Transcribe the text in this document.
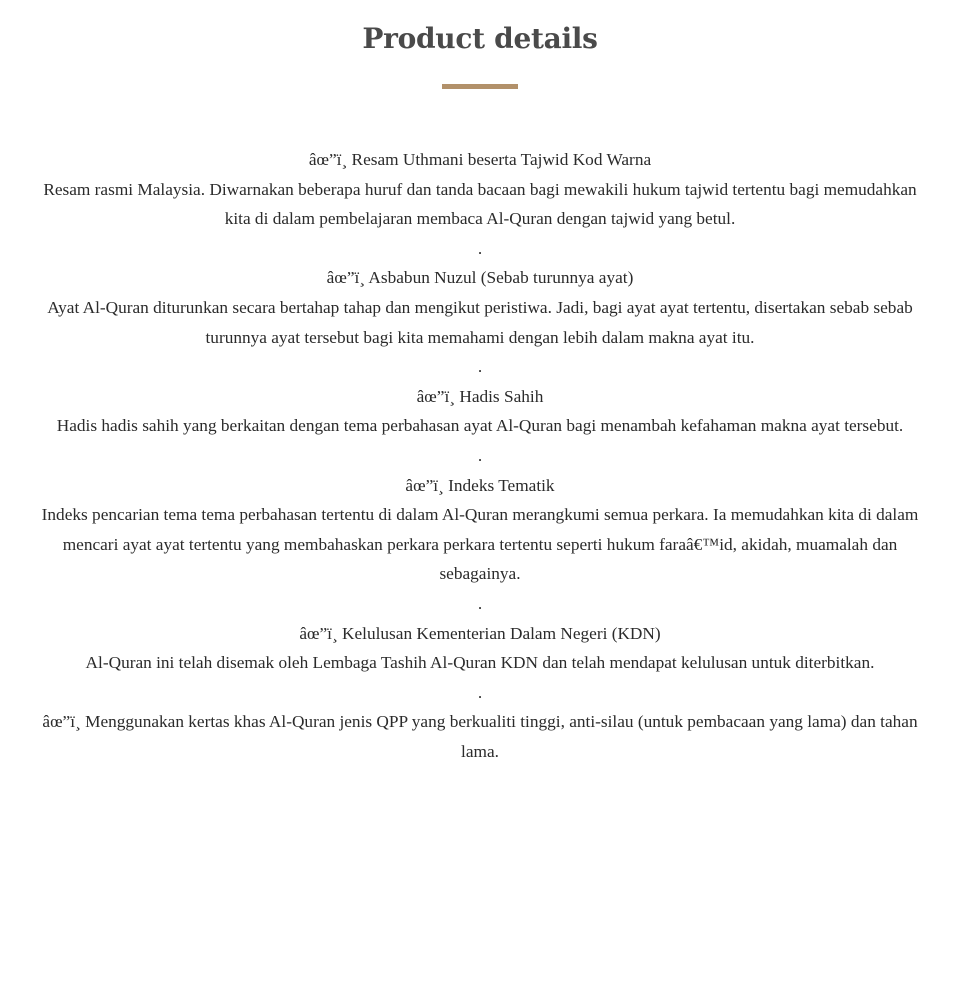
Product details

âœ”ï¸ Resam Uthmani beserta Tajwid Kod Warna

Resam rasmi Malaysia. Diwarnakan beberapa huruf dan tanda bacaan bagi mewakili hukum tajwid tertentu bagi memudahkan kita di dalam pembelajaran membaca Al-Quran dengan tajwid yang betul.

.

âœ”ï¸ Asbabun Nuzul (Sebab turunnya ayat)

Ayat Al-Quran diturunkan secara bertahap tahap dan mengikut peristiwa. Jadi, bagi ayat ayat tertentu, disertakan sebab sebab turunnya ayat tersebut bagi kita memahami dengan lebih dalam makna ayat itu.

.

âœ”ï¸ Hadis Sahih

Hadis hadis sahih yang berkaitan dengan tema perbahasan ayat Al-Quran bagi menambah kefahaman makna ayat tersebut.

.

âœ”ï¸ Indeks Tematik

Indeks pencarian tema tema perbahasan tertentu di dalam Al-Quran merangkumi semua perkara. Ia memudahkan kita di dalam mencari ayat ayat tertentu yang membahaskan perkara perkara tertentu seperti hukum faraâ€™id, akidah, muamalah dan sebagainya.

.

âœ”ï¸ Kelulusan Kementerian Dalam Negeri (KDN)

Al-Quran ini telah disemak oleh Lembaga Tashih Al-Quran KDN dan telah mendapat kelulusan untuk diterbitkan.

.

âœ”ï¸ Menggunakan kertas khas Al-Quran jenis QPP yang berkualiti tinggi, anti-silau (untuk pembacaan yang lama) dan tahan lama.
